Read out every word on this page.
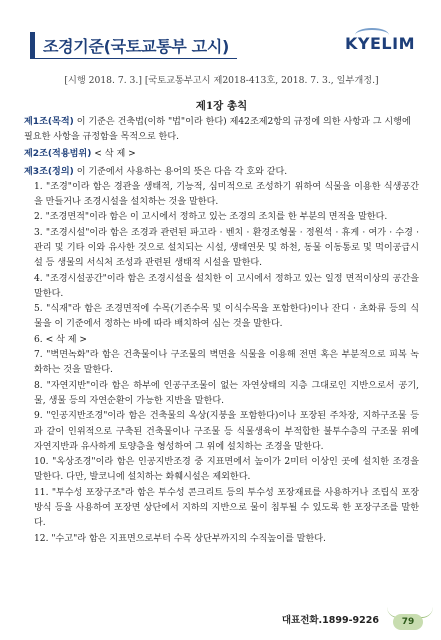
조경기준(국토교통부 고시)	KYELIM
[시행 2018. 7. 3.] [국토교통부고시 제2018-413호, 2018. 7. 3., 일부개정.]
제1장 총칙
제1조(목적) 이 기준은 건축법(이하 "법"이라 한다) 제42조제2항의 규정에 의한 사항과 그 시행에 필요한 사항을 규정함을 목적으로 한다.
제2조(적용범위) < 삭 제 >
제3조(정의) 이 기준에서 사용하는 용어의 뜻은 다음 각 호와 같다.
1. "조경"이라 함은 경관을 생태적, 기능적, 심미적으로 조성하기 위하여 식물을 이용한 식생공간을 만들거나 조경시설을 설치하는 것을 말한다.
2. "조경면적"이라 함은 이 고시에서 정하고 있는 조경의 조치를 한 부분의 면적을 말한다.
3. "조경시설"이라 함은 조경과 관련된 파고라 · 벤치 · 환경조형물 · 정원석 · 휴게 · 여가 · 수경 · 관리 및 기타 이와 유사한 것으로 설치되는 시설, 생태연못 및 하천, 동물 이동통로 및 먹이공급시설 등 생물의 서식처 조성과 관련된 생태적 시설을 말한다.
4. "조경시설공간"이라 함은 조경시설을 설치한 이 고시에서 정하고 있는 일정 면적이상의 공간을 말한다.
5. "식재"라 함은 조경면적에 수목(기존수목 및 이식수목을 포함한다)이나 잔디 · 초화류 등의 식물을 이 기준에서 정하는 바에 따라 배치하여 심는 것을 말한다.
6. < 삭 제 >
7. "벽면녹화"라 함은 건축물이나 구조물의 벽면을 식물을 이용해 전면 혹은 부분적으로 피복 녹화하는 것을 말한다.
8. "자연지반"이라 함은 하부에 인공구조물이 없는 자연상태의 지층 그대로인 지반으로서 공기, 물, 생물 등의 자연순환이 가능한 지반을 말한다.
9. "인공지반조경"이라 함은 건축물의 옥상(지붕을 포함한다)이나 포장된 주차장, 지하구조물 등과 같이 인위적으로 구축된 건축물이나 구조물 등 식물생육이 부적합한 불투수층의 구조물 위에 자연지반과 유사하게 토양층을 형성하여 그 위에 설치하는 조경을 말한다.
10. "옥상조경"이라 함은 인공지반조경 중 지표면에서 높이가 2미터 이상인 곳에 설치한 조경을 말한다. 다만, 발코니에 설치하는 화훼시설은 제외한다.
11. "투수성 포장구조"라 함은 투수성 콘크리트 등의 투수성 포장재료를 사용하거나 조립식 포장방식 등을 사용하여 포장면 상단에서 지하의 지반으로 물이 침투될 수 있도록 한 포장구조를 말한다.
12. "수고"라 함은 지표면으로부터 수목 상단부까지의 수직높이를 말한다.
대표전화.1899-9226	79
